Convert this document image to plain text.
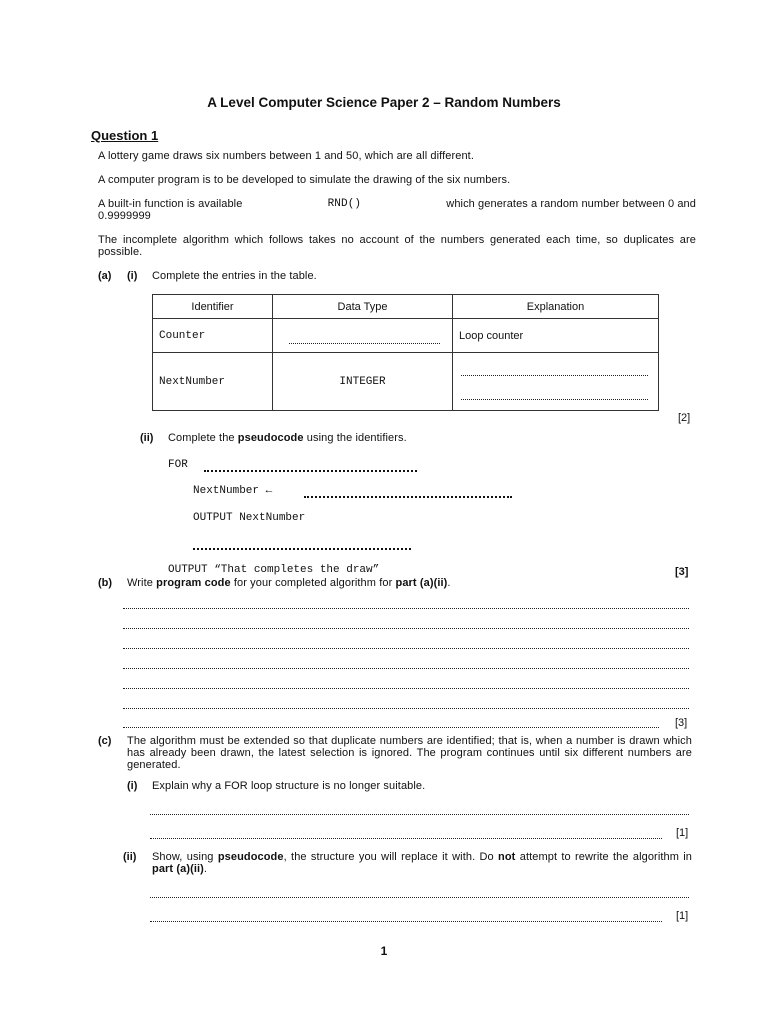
A Level Computer Science Paper 2 – Random Numbers
Question 1
A lottery game draws six numbers between 1 and 50, which are all different.
A computer program is to be developed to simulate the drawing of the six numbers.
A built-in function is available	RND()	which generates a random number between 0 and
0.9999999
The incomplete algorithm which follows takes no account of the numbers generated each time, so duplicates are possible.
(a) (i) Complete the entries in the table.
Identifier	Data Type	Explanation
Counter		Loop counter
NextNumber	INTEGER	
[2]
(ii) Complete the pseudocode using the identifiers.
FOR
NextNumber ←
OUTPUT NextNumber
OUTPUT “That completes the draw”	[3]
(b) Write program code for your completed algorithm for part (a)(ii).
[3]
(c) The algorithm must be extended so that duplicate numbers are identified; that is, when a number is drawn which has already been drawn, the latest selection is ignored. The program continues until six different numbers are generated.
(i) Explain why a FOR loop structure is no longer suitable.
[1]
(ii) Show, using pseudocode, the structure you will replace it with. Do not attempt to rewrite the algorithm in part (a)(ii).
[1]
1
